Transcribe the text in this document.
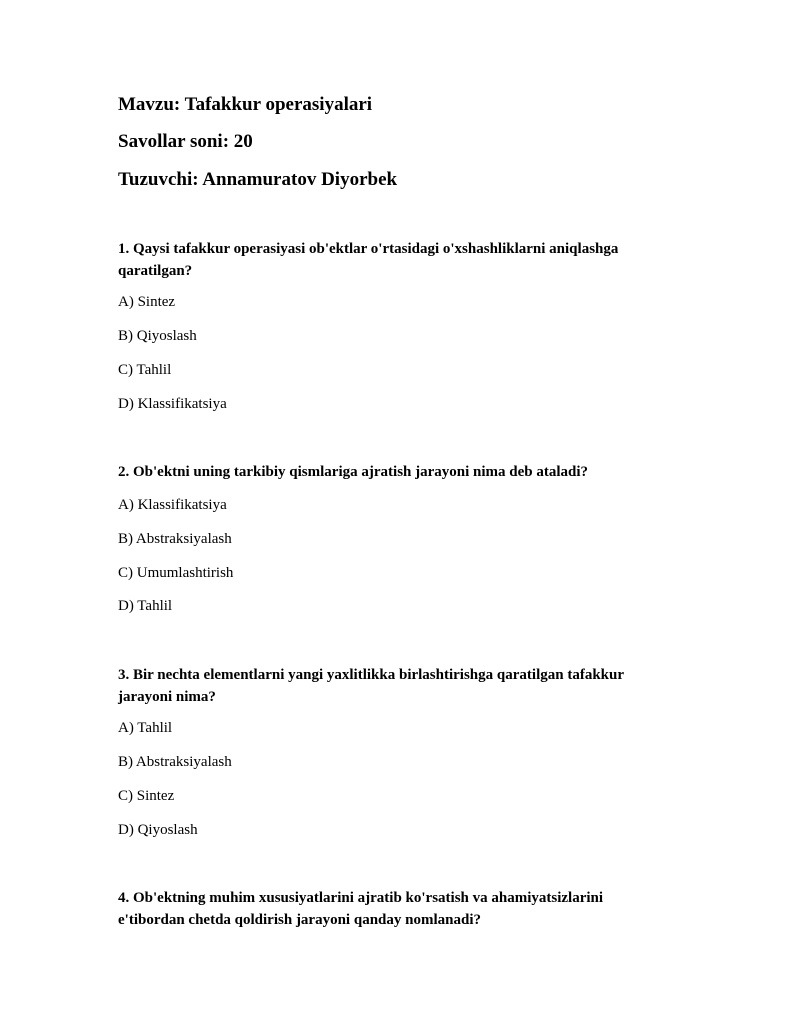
Mavzu: Tafakkur operasiyalari
Savollar soni: 20
Tuzuvchi: Annamuratov Diyorbek
1. Qaysi tafakkur operasiyasi ob'ektlar o'rtasidagi o'xshashliklarni aniqlashga qaratilgan?
A) Sintez
B) Qiyoslash
C) Tahlil
D) Klassifikatsiya
2. Ob'ektni uning tarkibiy qismlariga ajratish jarayoni nima deb ataladi?
A) Klassifikatsiya
B) Abstraksiyalash
C) Umumlashtirish
D) Tahlil
3. Bir nechta elementlarni yangi yaxlitlikka birlashtirishga qaratilgan tafakkur jarayoni nima?
A) Tahlil
B) Abstraksiyalash
C) Sintez
D) Qiyoslash
4. Ob'ektning muhim xususiyatlarini ajratib ko'rsatish va ahamiyatsizlarini e'tibordan chetda qoldirish jarayoni qanday nomlanadi?
